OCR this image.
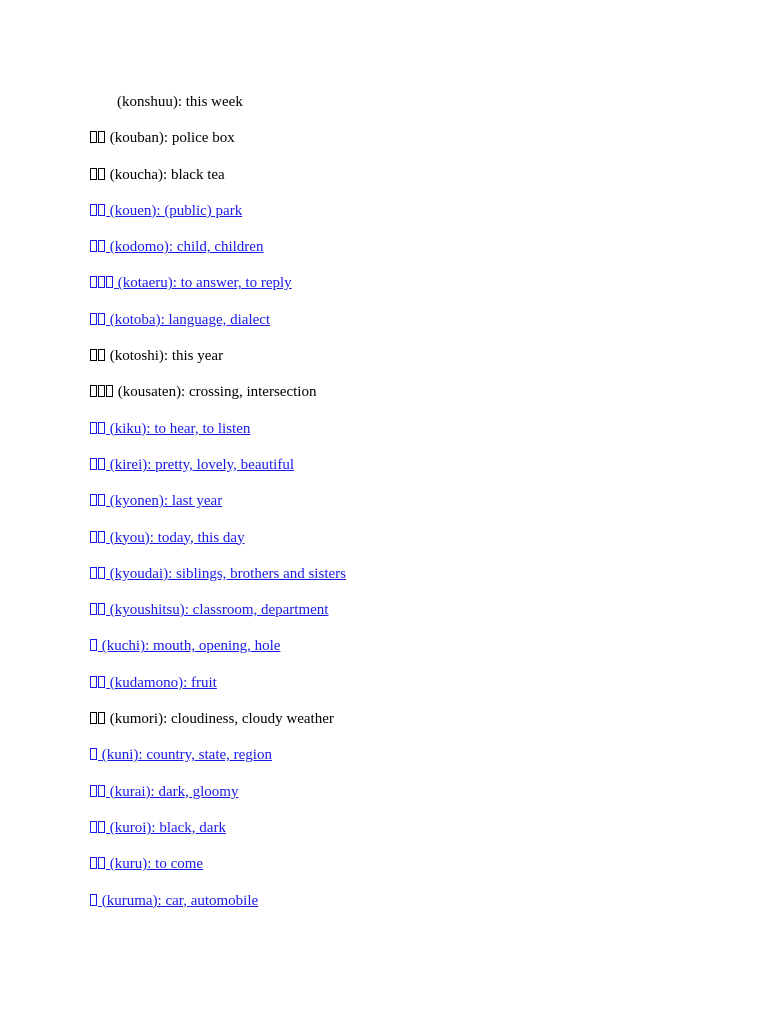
(konshuu): this week
(kouban): police box
(koucha): black tea
(kouen): (public) park
(kodomo): child, children
(kotaeru): to answer, to reply
(kotoba): language, dialect
(kotoshi): this year
(kousaten): crossing, intersection
(kiku): to hear, to listen
(kirei): pretty, lovely, beautiful
(kyonen): last year
(kyou): today, this day
(kyoudai): siblings, brothers and sisters
(kyoushitsu): classroom, department
(kuchi): mouth, opening, hole
(kudamono): fruit
(kumori): cloudiness, cloudy weather
(kuni): country, state, region
(kurai): dark, gloomy
(kuroi): black, dark
(kuru): to come
(kuruma): car, automobile
